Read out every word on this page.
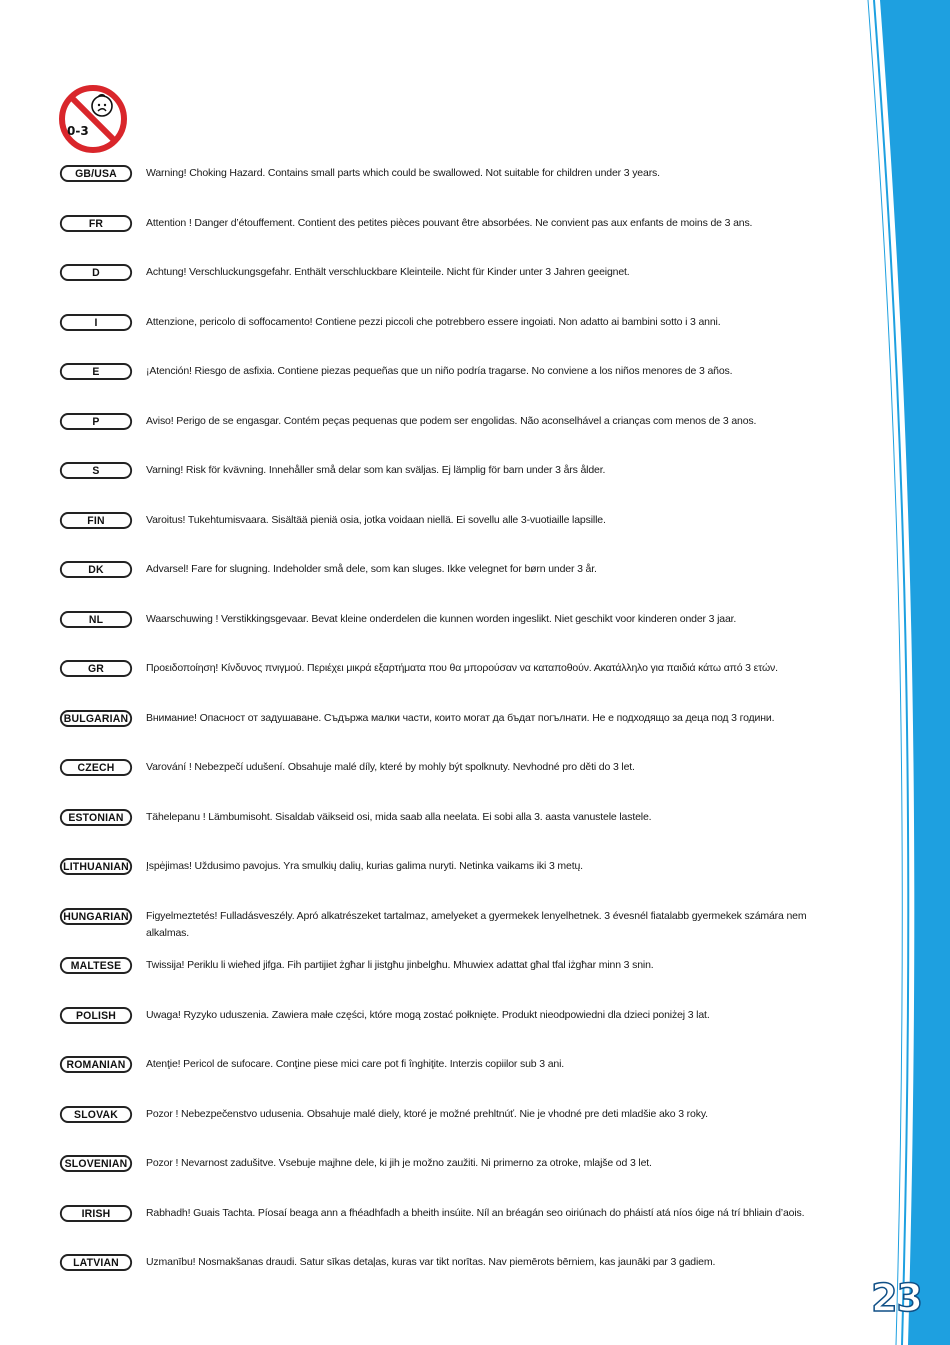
23
0-3
GB/USA	Warning! Choking Hazard. Contains small parts which could be swallowed. Not suitable for children under 3 years.
FR	Attention ! Danger d’étouffement. Contient des petites pièces pouvant être absorbées. Ne convient pas aux enfants de moins de 3 ans.
D	Achtung! Verschluckungsgefahr. Enthält verschluckbare Kleinteile. Nicht für Kinder unter 3 Jahren geeignet.
I	Attenzione, pericolo di soffocamento! Contiene pezzi piccoli che potrebbero essere ingoiati. Non adatto ai bambini sotto i 3 anni.
E	¡Atención! Riesgo de asfixia. Contiene piezas pequeñas que un niño podría tragarse. No conviene a los niños menores de 3 años.
P	Aviso! Perigo de se engasgar. Contém peças pequenas que podem ser engolidas. Não aconselhável a crianças com menos de 3 anos.
S	Varning! Risk för kvävning. Innehåller små delar som kan sväljas. Ej lämplig för barn under 3 års ålder.
FIN	Varoitus! Tukehtumisvaara. Sisältää pieniä osia, jotka voidaan niellä. Ei sovellu alle 3-vuotiaille lapsille.
DK	Advarsel! Fare for slugning. Indeholder små dele, som kan sluges. Ikke velegnet for børn under 3 år.
NL	Waarschuwing ! Verstikkingsgevaar. Bevat kleine onderdelen die kunnen worden ingeslikt. Niet geschikt voor kinderen onder 3 jaar.
GR	Προειδοποίηση! Κίνδυνος πνιγμού. Περιέχει μικρά εξαρτήματα που θα μπορούσαν να καταποθούν. Ακατάλληλο για παιδιά κάτω από 3 ετών.
BULGARIAN	Внимание! Опасност от задушаване. Съдържа малки части, които могат да бъдат погълнати. Не е подходящо за деца под 3 години.
CZECH	Varování ! Nebezpečí udušení. Obsahuje malé díly, které by mohly být spolknuty. Nevhodné pro děti do 3 let.
ESTONIAN	Tähelepanu ! Lämbumisoht. Sisaldab väikseid osi, mida saab alla neelata. Ei sobi alla 3. aasta vanustele lastele.
LITHUANIAN	Įspėjimas! Uždusimo pavojus. Yra smulkių dalių, kurias galima nuryti. Netinka vaikams iki 3 metų.
HUNGARIAN	Figyelmeztetés! Fulladásveszély. Apró alkatrészeket tartalmaz, amelyeket a gyermekek lenyelhetnek. 3 évesnél fiatalabb gyermekek számára nem alkalmas.
MALTESE	Twissija! Periklu li wieħed jifga. Fih partijiet żgħar li jistgħu jinbelgħu. Mhuwiex adattat għal tfal iżgħar minn 3 snin.
POLISH	Uwaga! Ryzyko uduszenia. Zawiera małe części, które mogą zostać połknięte. Produkt nieodpowiedni dla dzieci poniżej 3 lat.
ROMANIAN	Atenţie! Pericol de sufocare. Conţine piese mici care pot fi înghiţite. Interzis copiilor sub 3 ani.
SLOVAK	Pozor ! Nebezpečenstvo udusenia. Obsahuje malé diely, ktoré je možné prehltnúť. Nie je vhodné pre deti mladšie ako 3 roky.
SLOVENIAN	Pozor ! Nevarnost zadušitve. Vsebuje majhne dele, ki jih je možno zaužiti. Ni primerno za otroke, mlajše od 3 let.
IRISH	Rabhadh! Guais Tachta. Píosaí beaga ann a fhéadhfadh a bheith insúite. Níl an bréagán seo oiriúnach do pháistí atá níos óige ná trí bhliain d’aois.
LATVIAN	Uzmanību! Nosmakšanas draudi. Satur sīkas detaļas, kuras var tikt norītas. Nav piemērots bērniem, kas jaunāki par 3 gadiem.
